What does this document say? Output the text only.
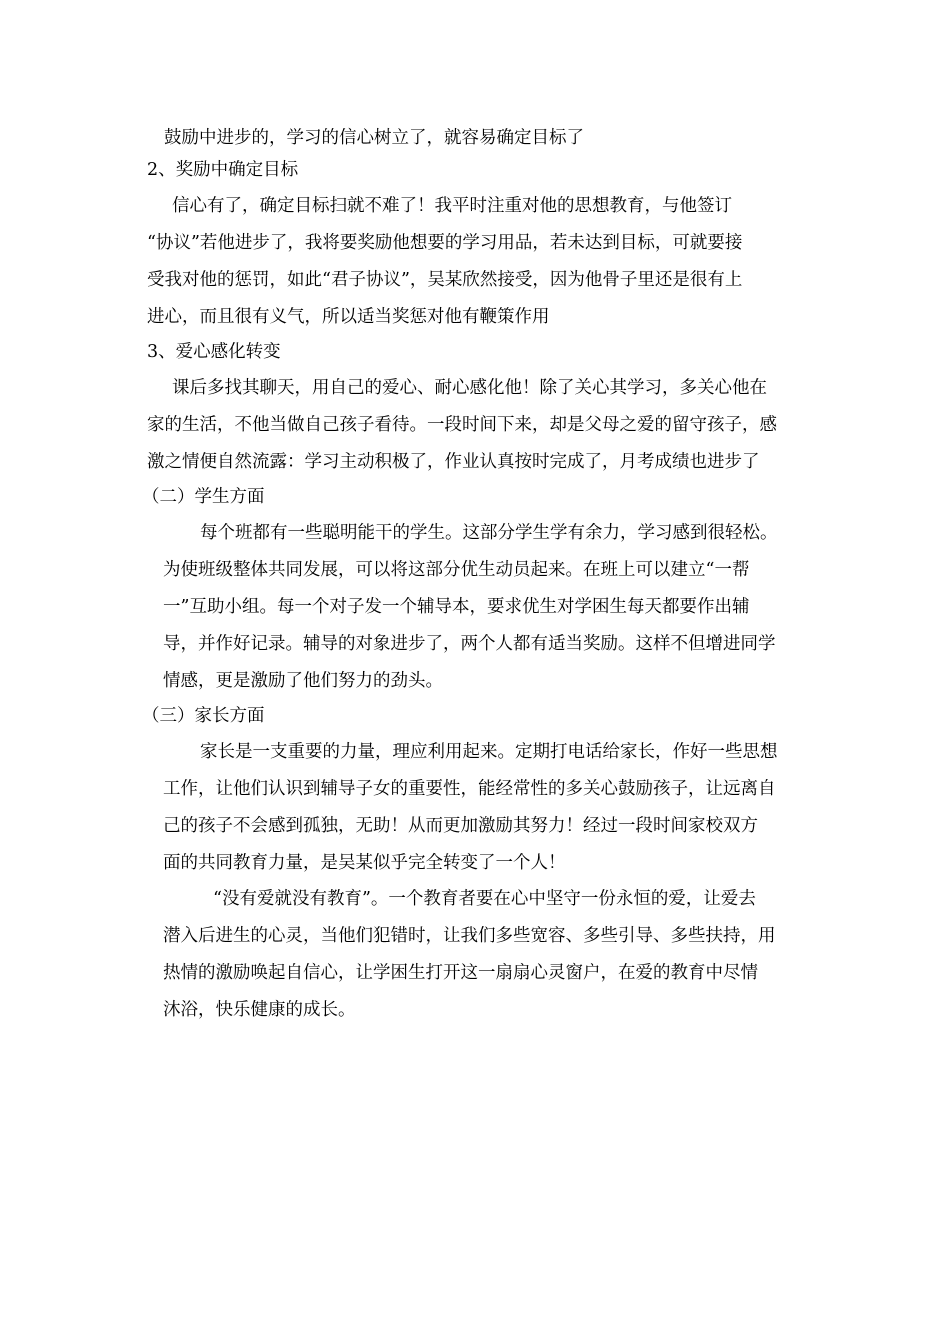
鼓励中进步的，学习的信心树立了，就容易确定目标了
2、奖励中确定目标
信心有了，确定目标扫就不难了！我平时注重对他的思想教育，与他签订
“协议”若他进步了，我将要奖励他想要的学习用品，若未达到目标，可就要接
受我对他的惩罚，如此“君子协议”，吴某欣然接受，因为他骨子里还是很有上
进心，而且很有义气，所以适当奖惩对他有鞭策作用
3、爱心感化转变
课后多找其聊天，用自己的爱心、耐心感化他！除了关心其学习，多关心他在
家的生活，不他当做自己孩子看待。一段时间下来，却是父母之爱的留守孩子，感
激之情便自然流露：学习主动积极了，作业认真按时完成了，月考成绩也进步了
（二）学生方面
每个班都有一些聪明能干的学生。这部分学生学有余力，学习感到很轻松。
为使班级整体共同发展，可以将这部分优生动员起来。在班上可以建立“一帮
一”互助小组。每一个对子发一个辅导本，要求优生对学困生每天都要作出辅
导，并作好记录。辅导的对象进步了，两个人都有适当奖励。这样不但增进同学
情感，更是激励了他们努力的劲头。
（三）家长方面
家长是一支重要的力量，理应利用起来。定期打电话给家长，作好一些思想
工作，让他们认识到辅导子女的重要性，能经常性的多关心鼓励孩子，让远离自
己的孩子不会感到孤独，无助！从而更加激励其努力！经过一段时间家校双方
面的共同教育力量，是吴某似乎完全转变了一个人！
“没有爱就没有教育”。一个教育者要在心中坚守一份永恒的爱，让爱去
潜入后进生的心灵，当他们犯错时，让我们多些宽容、多些引导、多些扶持，用
热情的激励唤起自信心，让学困生打开这一扇扇心灵窗户，在爱的教育中尽情
沐浴，快乐健康的成长。
